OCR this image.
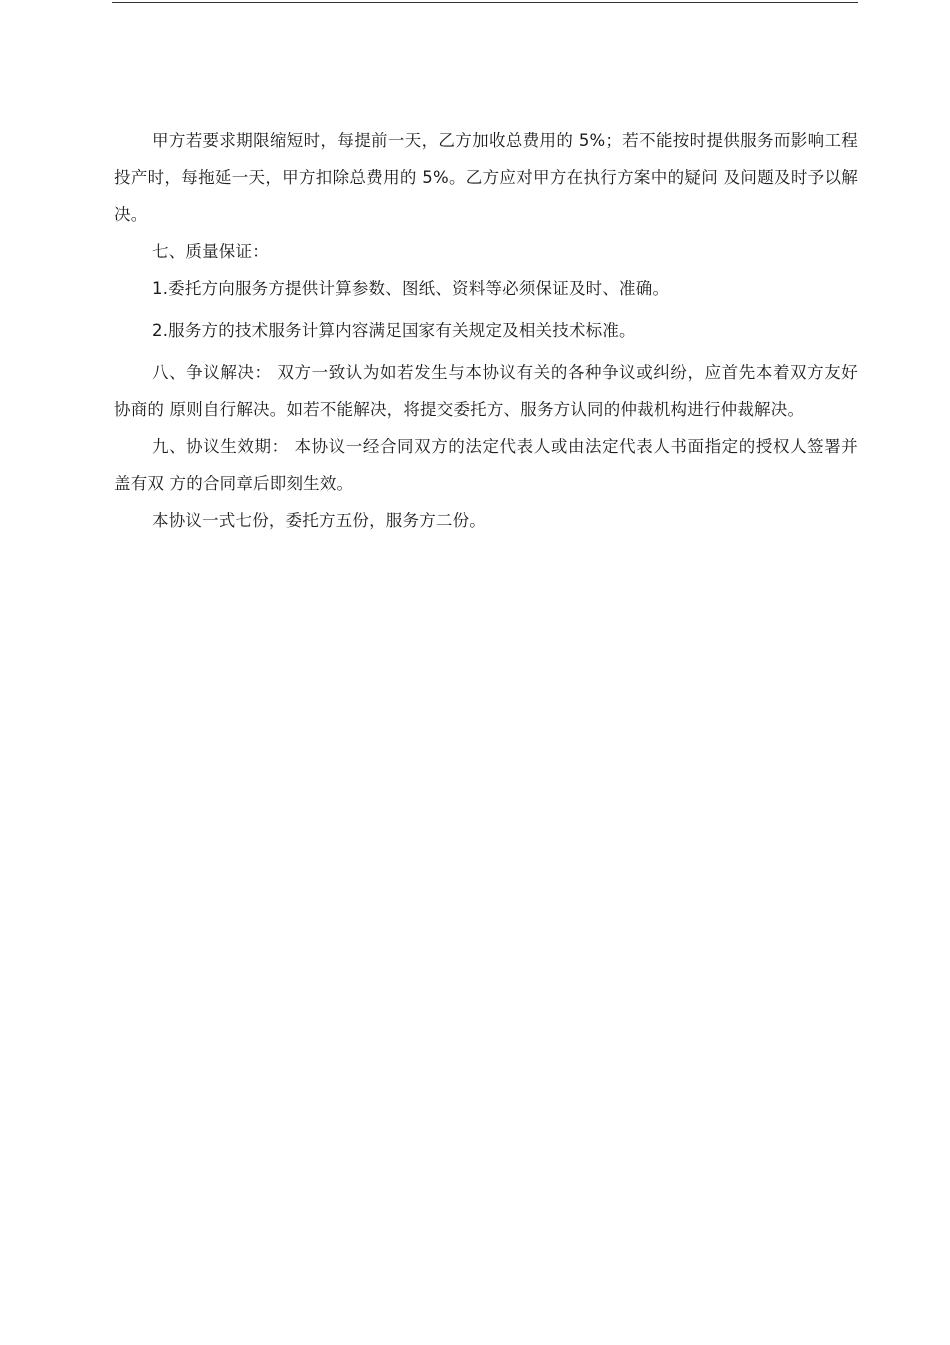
甲方若要求期限缩短时，每提前一天，乙方加收总费用的 5%；若不能按时提供服务而影响工程投产时，每拖延一天，甲方扣除总费用的 5%。乙方应对甲方在执行方案中的疑问 及问题及时予以解决。

七、质量保证：

1.委托方向服务方提供计算参数、图纸、资料等必须保证及时、准确。

2.服务方的技术服务计算内容满足国家有关规定及相关技术标准。

八、争议解决： 双方一致认为如若发生与本协议有关的各种争议或纠纷，应首先本着双方友好协商的 原则自行解决。如若不能解决，将提交委托方、服务方认同的仲裁机构进行仲裁解决。

九、协议生效期： 本协议一经合同双方的法定代表人或由法定代表人书面指定的授权人签署并盖有双 方的合同章后即刻生效。

本协议一式七份，委托方五份，服务方二份。
